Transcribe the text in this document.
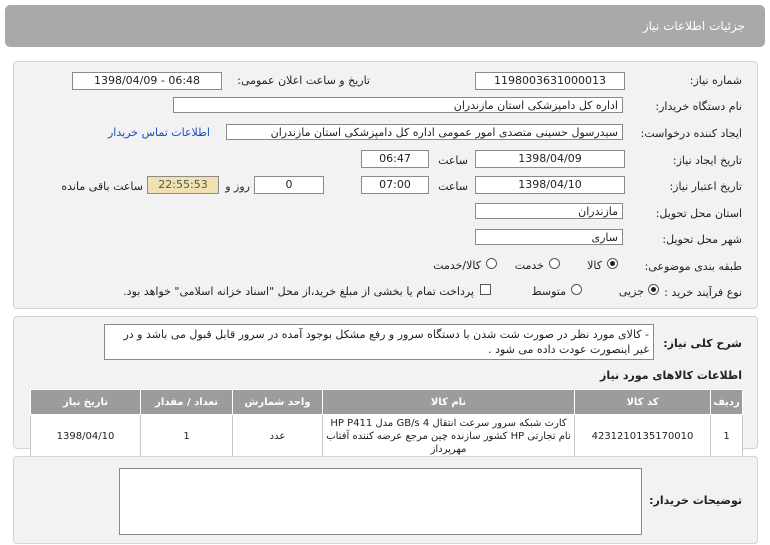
جزئیات اطلاعات نیاز
شماره نیاز:
1198003631000013
تاریخ و ساعت اعلان عمومی:
1398/04/09 - 06:48
نام دستگاه خریدار:
اداره کل دامپزشکی استان مازندران
ایجاد کننده درخواست:
سیدرسول حسینی متصدی امور عمومی اداره کل دامپزشکی استان مازندران
اطلاعات تماس خریدار
تاریخ ایجاد نیاز:
1398/04/09
ساعت
06:47
تاریخ اعتبار نیاز:
1398/04/10
ساعت
07:00
0
روز و
22:55:53
ساعت باقی مانده
استان محل تحویل:
مازندران
شهر محل تحویل:
ساری
طبقه بندی موضوعی:
کالا
خدمت
کالا/خدمت
نوع فرآیند خرید :
جزیی
متوسط
پرداخت تمام یا بخشی از مبلغ خرید،از محل "اسناد خزانه اسلامی" خواهد بود.
شرح کلی نیاز:
- کالای مورد نظر در صورت شت شدن با دستگاه سرور و رفع مشکل بوجود آمده در سرور قابل قبول می باشد و در غیر اینصورت عودت داده می شود .
اطلاعات کالاهای مورد نیاز
تاریخ نیاز	تعداد / مقدار	واحد شمارش	نام کالا	کد کالا	ردیف
1398/04/10	1	عدد	کارت شبکه سرور سرعت انتقال 4 GB/s مدل HP P411 نام تجارتی HP کشور سازنده چین مرجع عرضه کننده آفتاب مهرپرداز	4231210135170010	1
توضیحات خریدار:
